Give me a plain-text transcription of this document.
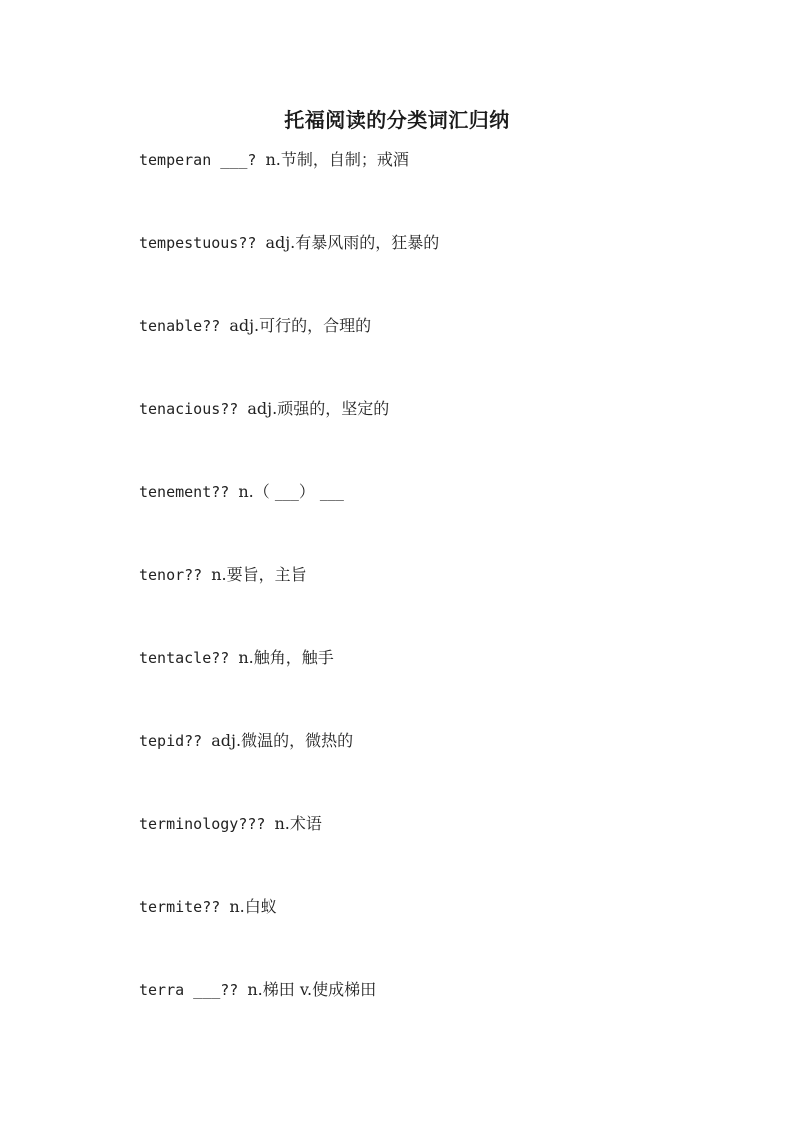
托福阅读的分类词汇归纳
temperan ___? n.节制，自制；戒酒
tempestuous?? adj.有暴风雨的，狂暴的
tenable?? adj.可行的，合理的
tenacious?? adj.顽强的，坚定的
tenement?? n.（ ___） ___
tenor?? n.要旨，主旨
tentacle?? n.触角，触手
tepid?? adj.微温的，微热的
terminology??? n.术语
termite?? n.白蚁
terra ___?? n.梯田 v.使成梯田
